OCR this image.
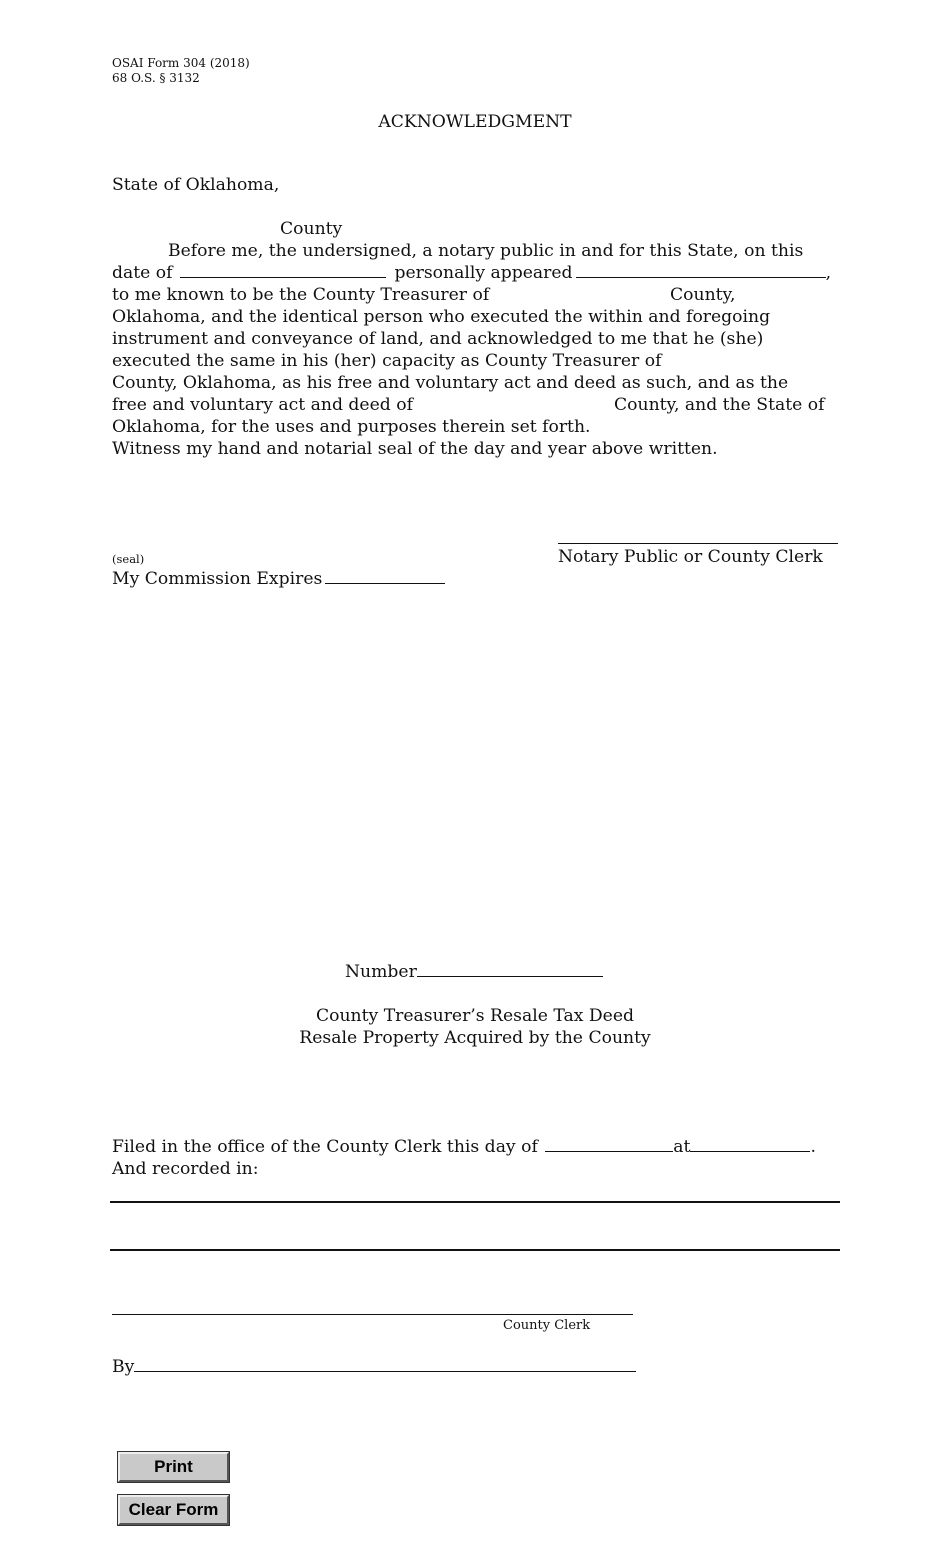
OSAI Form 304 (2018)
68 O.S. § 3132
ACKNOWLEDGMENT
State of Oklahoma,
County
Before me, the undersigned, a notary public in and for this State, on this
date of	personally appeared	,
to me known to be the County Treasurer of	County,
Oklahoma, and the identical person who executed the within and foregoing
instrument and conveyance of land, and acknowledged to me that he (she)
executed the same in his (her) capacity as County Treasurer of
County, Oklahoma, as his free and voluntary act and deed as such, and as the
free and voluntary act and deed of	County, and the State of
Oklahoma, for the uses and purposes therein set forth.
Witness my hand and notarial seal of the day and year above written.
Notary Public or County Clerk
(seal)
My Commission Expires
Number
County Treasurer’s Resale Tax Deed
Resale Property Acquired by the County
Filed in the office of the County Clerk this day of	at	.
And recorded in:
County Clerk
By
Print
Clear Form
